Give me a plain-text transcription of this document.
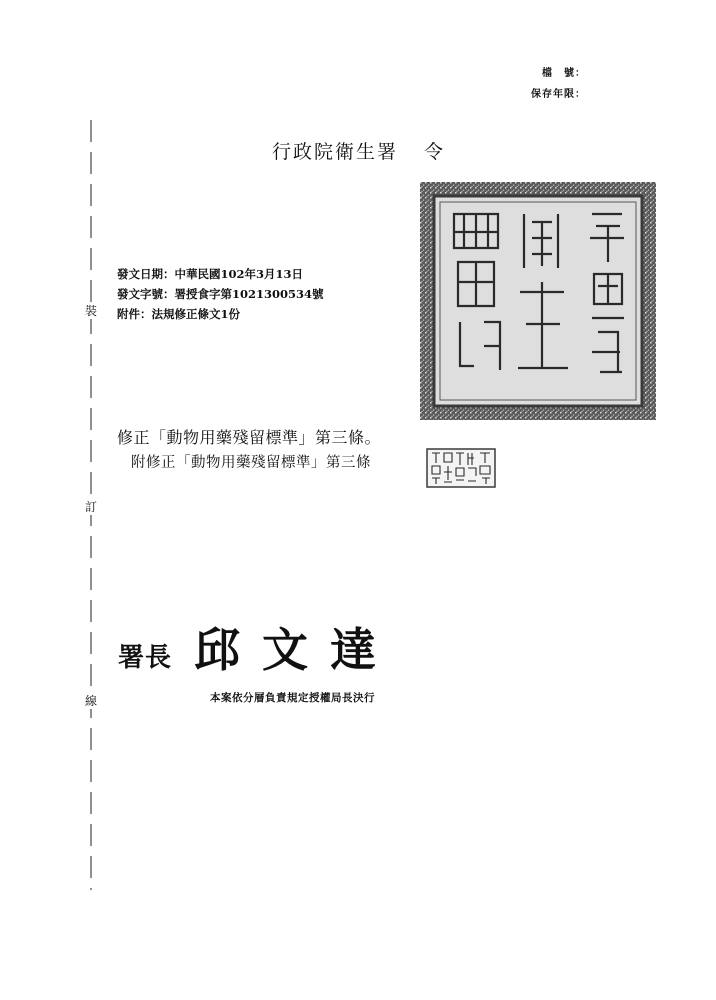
檔　號：
保存年限：
裝
訂
線
行政院衛生署 令
發文日期：中華民國102年3月13日
發文字號：署授食字第1021300534號
附件：法規修正條文1份
修正「動物用藥殘留標準」第三條。
附修正「動物用藥殘留標準」第三條
署長 邱文達
本案依分層負責規定授權局長決行
